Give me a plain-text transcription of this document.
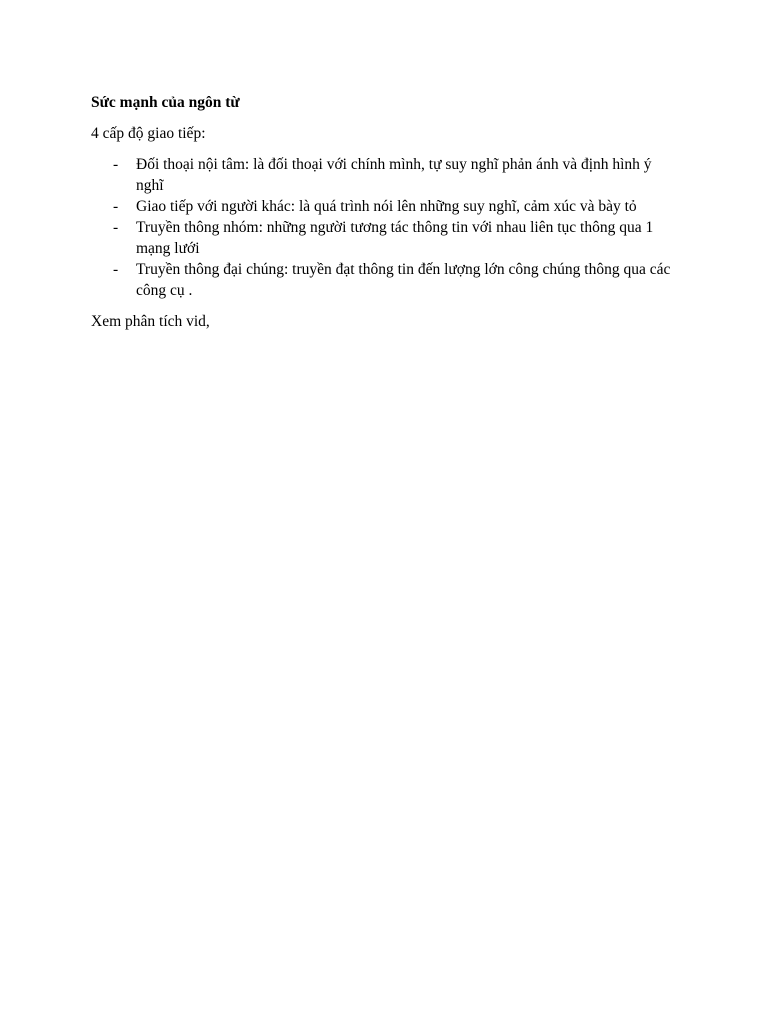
Sức mạnh của ngôn từ

4 cấp độ giao tiếp:

- Đối thoại nội tâm: là đối thoại với chính mình, tự suy nghĩ phản ánh và định hình ý nghĩ
- Giao tiếp với người khác: là quá trình nói lên những suy nghĩ, cảm xúc và bày tỏ
- Truyền thông nhóm: những người tương tác thông tin với nhau liên tục thông qua 1 mạng lưới
- Truyền thông đại chúng: truyền đạt thông tin đến lượng lớn công chúng thông qua các công cụ .

Xem phân tích vid,
